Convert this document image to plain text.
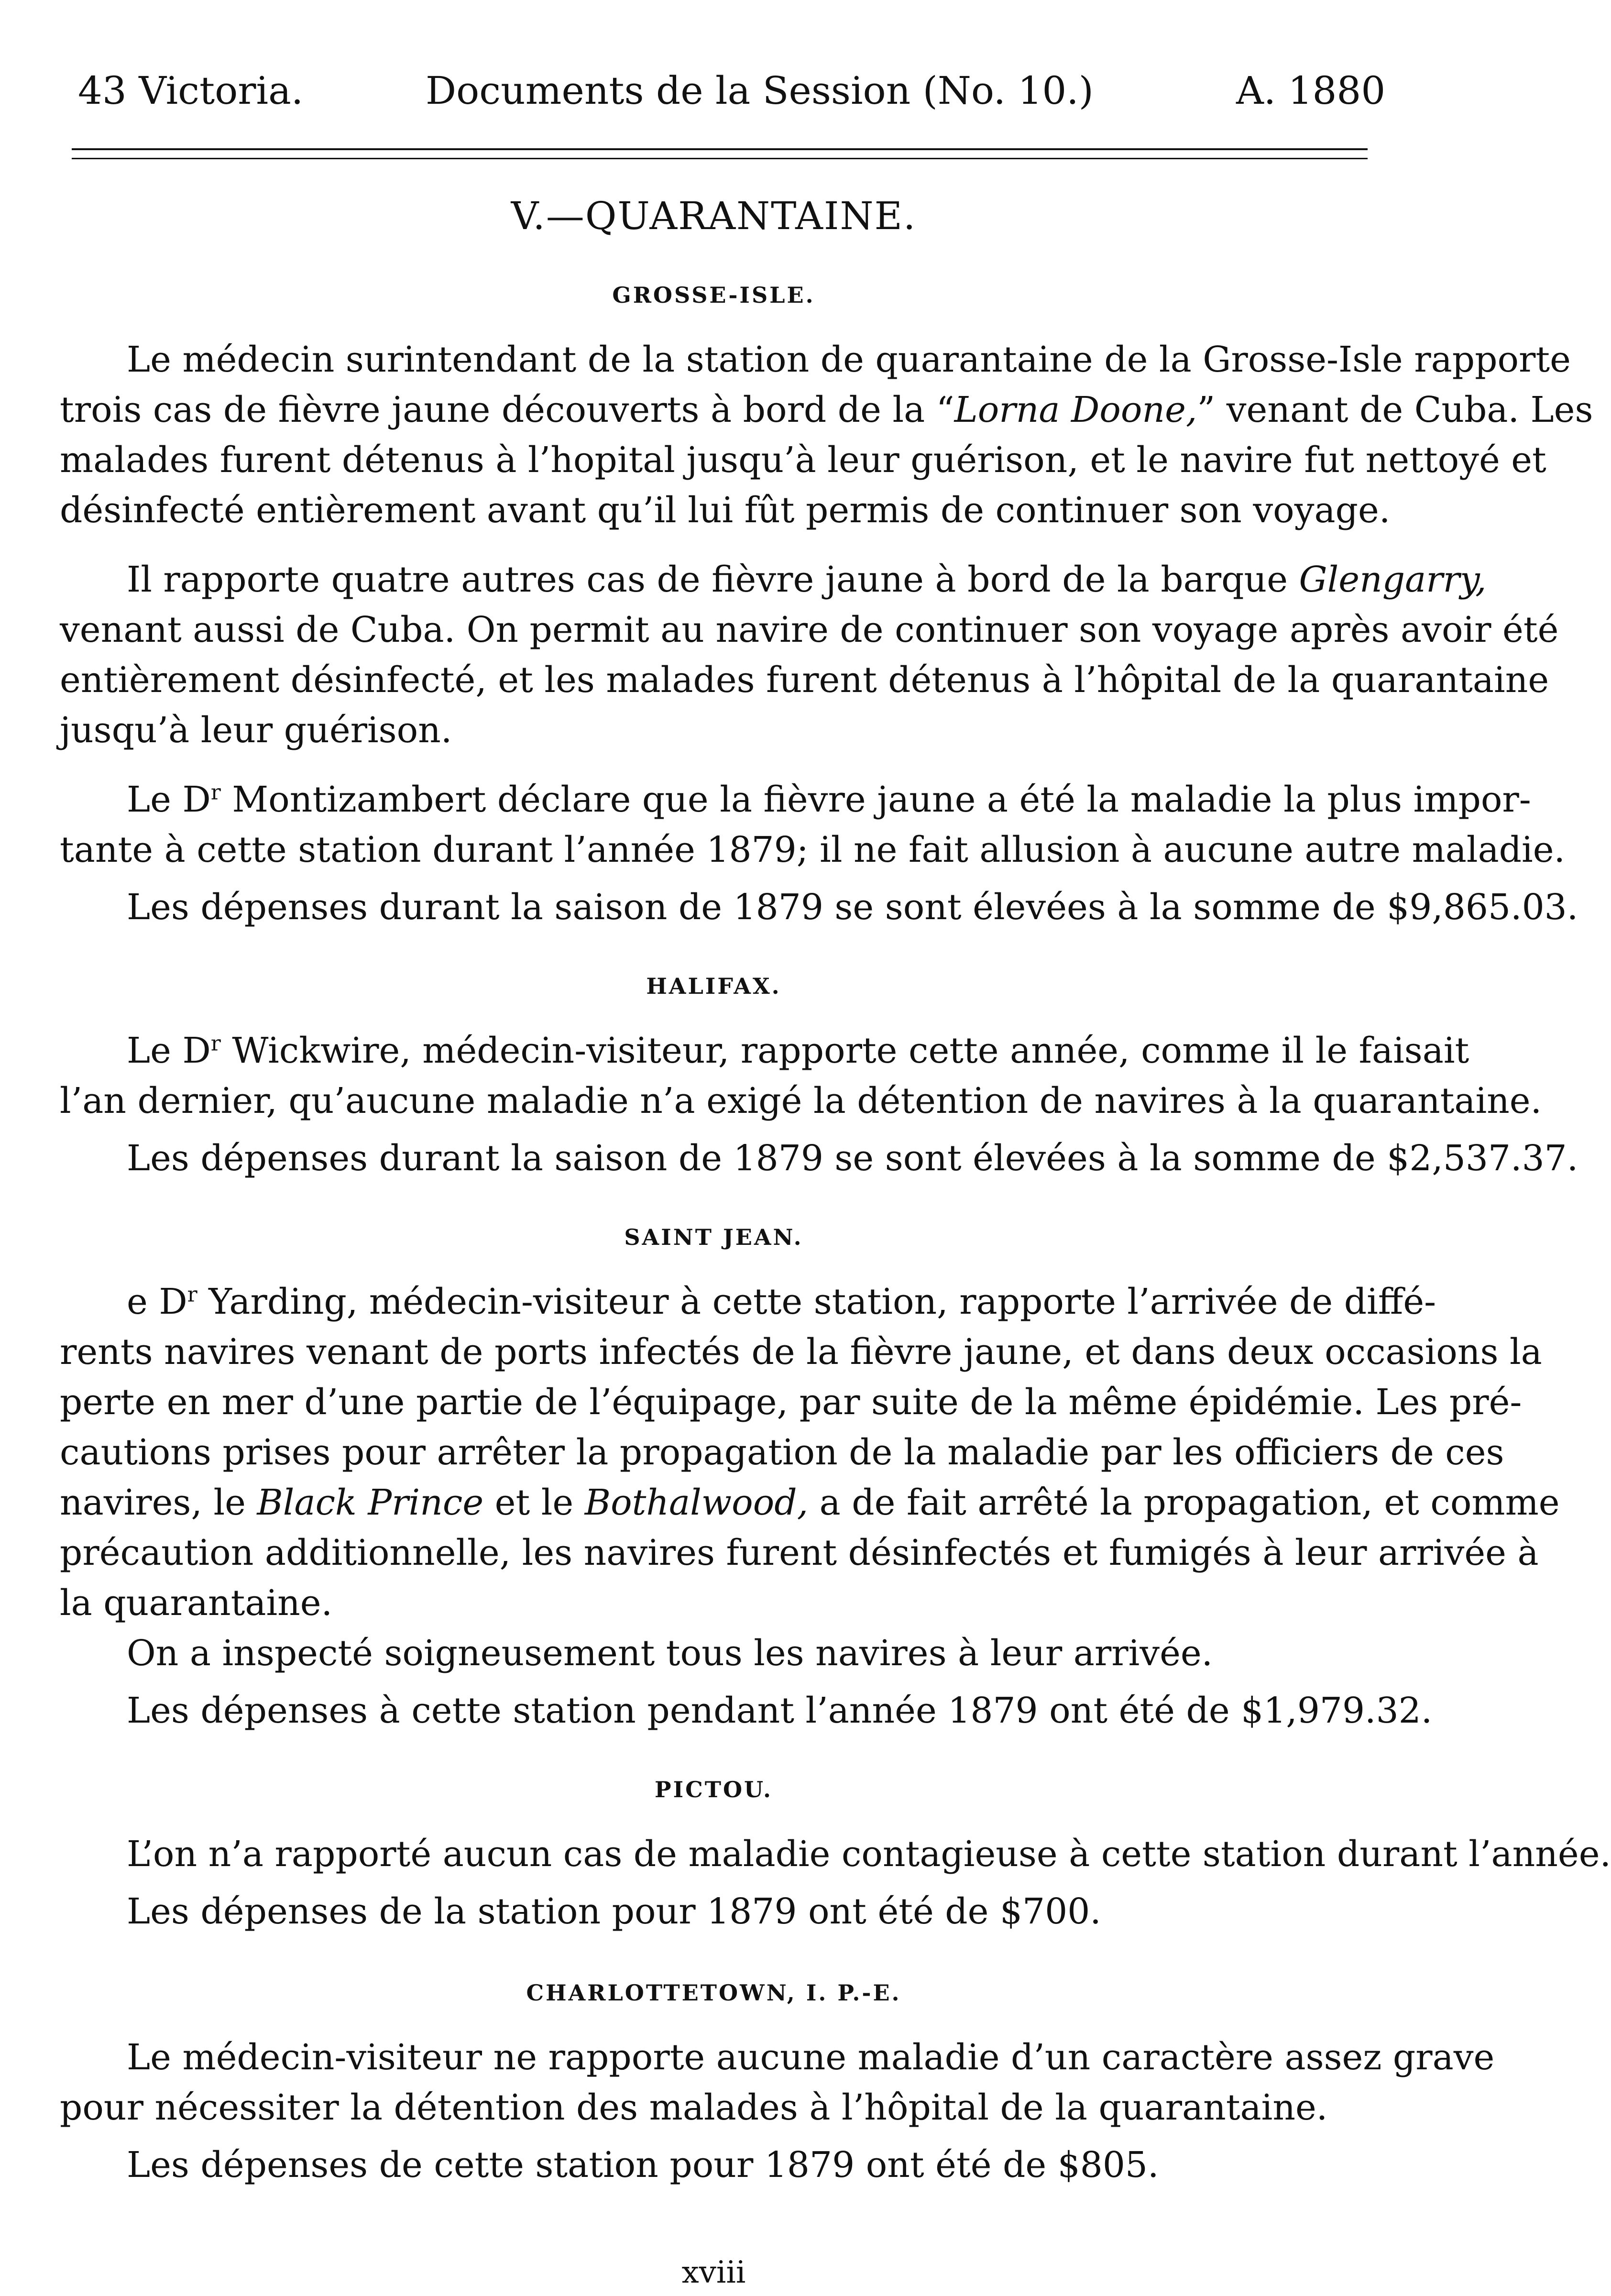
43 Victoria.	Documents de la Session (No. 10.)	A. 1880
V.—QUARANTAINE.
GROSSE-ISLE.
Le médecin surintendant de la station de quarantaine de la Grosse-Isle rapporte
trois cas de fièvre jaune découverts à bord de la “Lorna Doone,” venant de Cuba. Les
malades furent détenus à l’hopital jusqu’à leur guérison, et le navire fut nettoyé et
désinfecté entièrement avant qu’il lui fût permis de continuer son voyage.
Il rapporte quatre autres cas de fièvre jaune à bord de la barque Glengarry,
venant aussi de Cuba. On permit au navire de continuer son voyage après avoir été
entièrement désinfecté, et les malades furent détenus à l’hôpital de la quarantaine
jusqu’à leur guérison.
Le $D^r$ Montizambert déclare que la fièvre jaune a été la maladie la plus impor-
tante à cette station durant l’année 1879; il ne fait allusion à aucune autre maladie.
Les dépenses durant la saison de 1879 se sont élevées à la somme de $9,865.03.
HALIFAX.
Le $D^r$ Wickwire, médecin-visiteur, rapporte cette année, comme il le faisait
l’an dernier, qu’aucune maladie n’a exigé la détention de navires à la quarantaine.
Les dépenses durant la saison de 1879 se sont élevées à la somme de $2,537.37.
SAINT JEAN.
e $D^r$ Yarding, médecin-visiteur à cette station, rapporte l’arrivée de diffé-
rents navires venant de ports infectés de la fièvre jaune, et dans deux occasions la
perte en mer d’une partie de l’équipage, par suite de la même épidémie. Les pré-
cautions prises pour arrêter la propagation de la maladie par les officiers de ces
navires, le Black Prince et le Bothalwood, a de fait arrêté la propagation, et comme
précaution additionnelle, les navires furent désinfectés et fumigés à leur arrivée à
la quarantaine.
On a inspecté soigneusement tous les navires à leur arrivée.
Les dépenses à cette station pendant l’année 1879 ont été de $1,979.32.
PICTOU.
L’on n’a rapporté aucun cas de maladie contagieuse à cette station durant l’année.
Les dépenses de la station pour 1879 ont été de $700.
CHARLOTTETOWN, I. P.-E.
Le médecin-visiteur ne rapporte aucune maladie d’un caractère assez grave
pour nécessiter la détention des malades à l’hôpital de la quarantaine.
Les dépenses de cette station pour 1879 ont été de $805.
xviii
